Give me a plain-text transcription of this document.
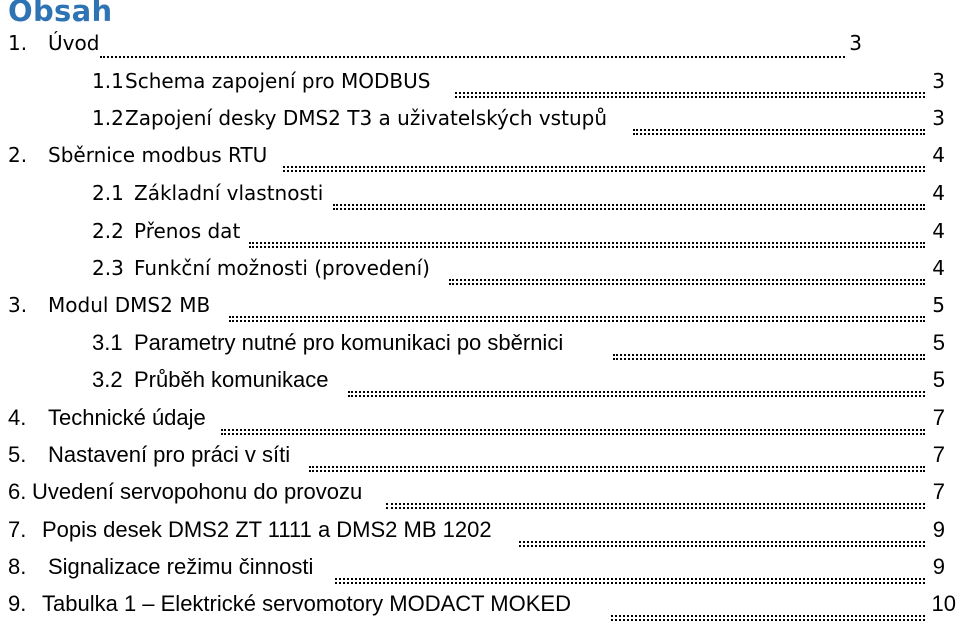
Obsah
1. Úvod	3
1.1 Schema zapojení pro MODBUS	3
1.2 Zapojení desky DMS2 T3 a uživatelských vstupů	3
2. Sběrnice modbus RTU	4
2.1 Základní vlastnosti	4
2.2 Přenos dat	4
2.3 Funkční možnosti (provedení)	4
3. Modul DMS2 MB	5
3.1 Parametry nutné pro komunikaci po sběrnici	5
3.2 Průběh komunikace	5
4. Technické údaje	7
5. Nastavení pro práci v síti	7
6. Uvedení servopohonu do provozu	7
7. Popis desek DMS2 ZT 1111 a DMS2 MB 1202	9
8. Signalizace režimu činnosti	9
9. Tabulka 1 – Elektrické servomotory MODACT MOKED	10
